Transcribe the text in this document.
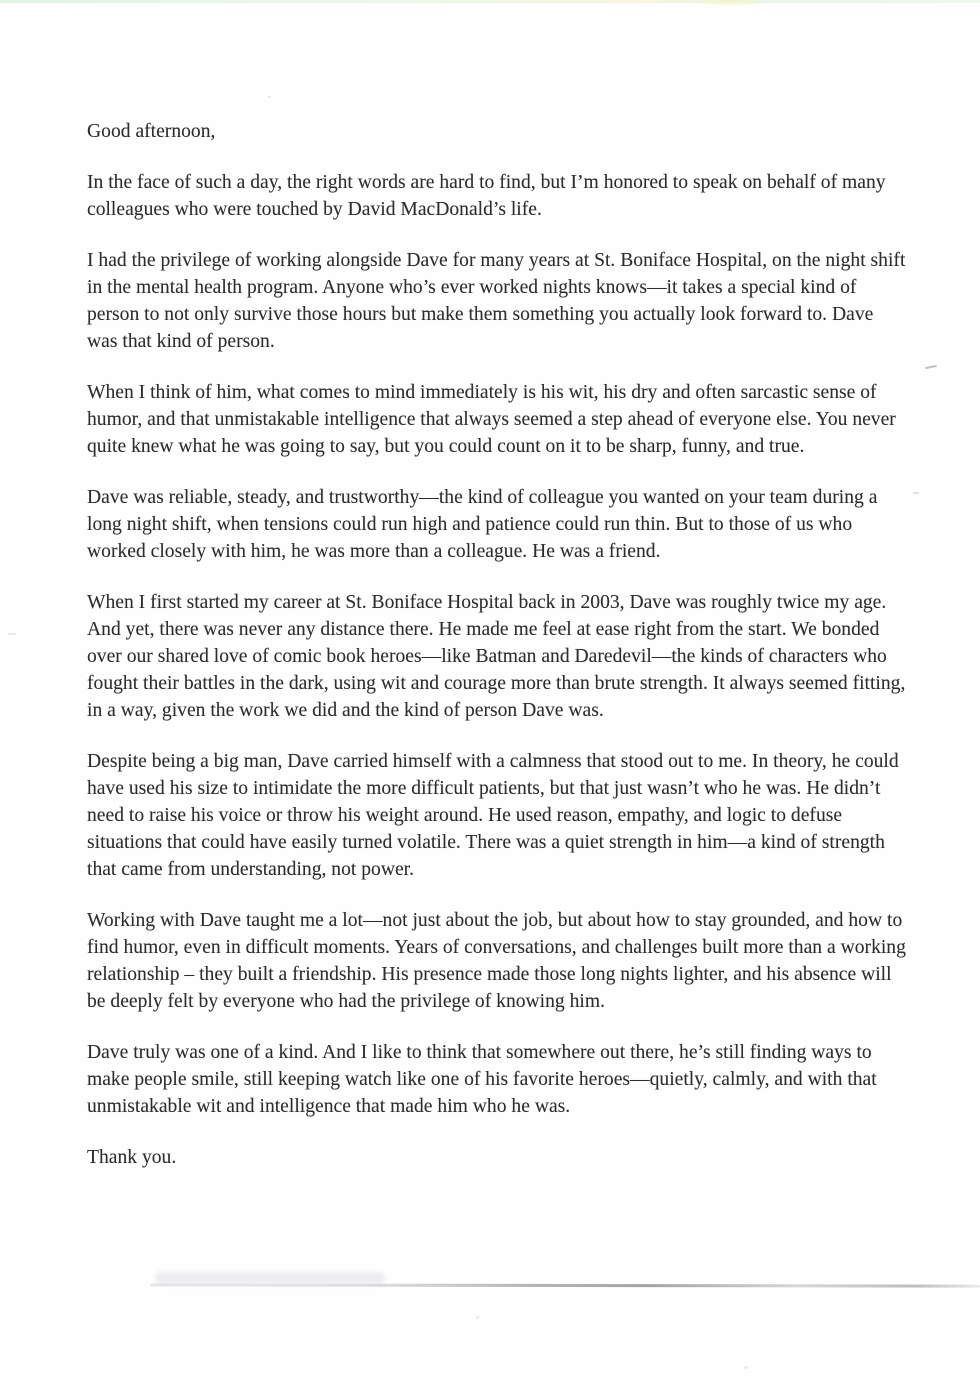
Good afternoon,

In the face of such a day, the right words are hard to find, but I’m honored to speak on behalf of many colleagues who were touched by David MacDonald’s life.

I had the privilege of working alongside Dave for many years at St. Boniface Hospital, on the night shift in the mental health program. Anyone who’s ever worked nights knows—it takes a special kind of person to not only survive those hours but make them something you actually look forward to. Dave was that kind of person.

When I think of him, what comes to mind immediately is his wit, his dry and often sarcastic sense of humor, and that unmistakable intelligence that always seemed a step ahead of everyone else. You never quite knew what he was going to say, but you could count on it to be sharp, funny, and true.

Dave was reliable, steady, and trustworthy—the kind of colleague you wanted on your team during a long night shift, when tensions could run high and patience could run thin. But to those of us who worked closely with him, he was more than a colleague. He was a friend.

When I first started my career at St. Boniface Hospital back in 2003, Dave was roughly twice my age. And yet, there was never any distance there. He made me feel at ease right from the start. We bonded over our shared love of comic book heroes—like Batman and Daredevil—the kinds of characters who fought their battles in the dark, using wit and courage more than brute strength. It always seemed fitting, in a way, given the work we did and the kind of person Dave was.

Despite being a big man, Dave carried himself with a calmness that stood out to me. In theory, he could have used his size to intimidate the more difficult patients, but that just wasn’t who he was. He didn’t need to raise his voice or throw his weight around. He used reason, empathy, and logic to defuse situations that could have easily turned volatile. There was a quiet strength in him—a kind of strength that came from understanding, not power.

Working with Dave taught me a lot—not just about the job, but about how to stay grounded, and how to find humor, even in difficult moments. Years of conversations, and challenges built more than a working relationship – they built a friendship. His presence made those long nights lighter, and his absence will be deeply felt by everyone who had the privilege of knowing him.

Dave truly was one of a kind. And I like to think that somewhere out there, he’s still finding ways to make people smile, still keeping watch like one of his favorite heroes—quietly, calmly, and with that unmistakable wit and intelligence that made him who he was.

Thank you.
